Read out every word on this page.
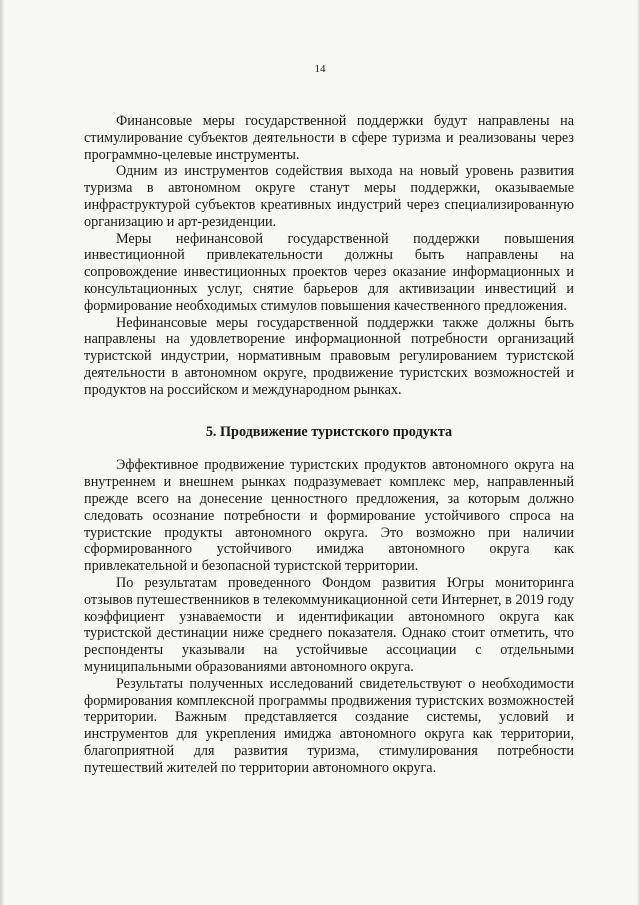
14

Финансовые меры государственной поддержки будут направлены на стимулирование субъектов деятельности в сфере туризма и реализованы через программно-целевые инструменты.

Одним из инструментов содействия выхода на новый уровень развития туризма в автономном округе станут меры поддержки, оказываемые инфраструктурой субъектов креативных индустрий через специализированную организацию и арт-резиденции.

Меры нефинансовой государственной поддержки повышения инвестиционной привлекательности должны быть направлены на сопровождение инвестиционных проектов через оказание информационных и консультационных услуг, снятие барьеров для активизации инвестиций и формирование необходимых стимулов повышения качественного предложения.

Нефинансовые меры государственной поддержки также должны быть направлены на удовлетворение информационной потребности организаций туристской индустрии, нормативным правовым регулированием туристской деятельности в автономном округе, продвижение туристских возможностей и продуктов на российском и международном рынках.

5. Продвижение туристского продукта

Эффективное продвижение туристских продуктов автономного округа на внутреннем и внешнем рынках подразумевает комплекс мер, направленный прежде всего на донесение ценностного предложения, за которым должно следовать осознание потребности и формирование устойчивого спроса на туристские продукты автономного округа. Это возможно при наличии сформированного устойчивого имиджа автономного округа как привлекательной и безопасной туристской территории.

По результатам проведенного Фондом развития Югры мониторинга отзывов путешественников в телекоммуникационной сети Интернет, в 2019 году коэффициент узнаваемости и идентификации автономного округа как туристской дестинации ниже среднего показателя. Однако стоит отметить, что респонденты указывали на устойчивые ассоциации с отдельными муниципальными образованиями автономного округа.

Результаты полученных исследований свидетельствуют о необходимости формирования комплексной программы продвижения туристских возможностей территории. Важным представляется создание системы, условий и инструментов для укрепления имиджа автономного округа как территории, благоприятной для развития туризма, стимулирования потребности путешествий жителей по территории автономного округа.
